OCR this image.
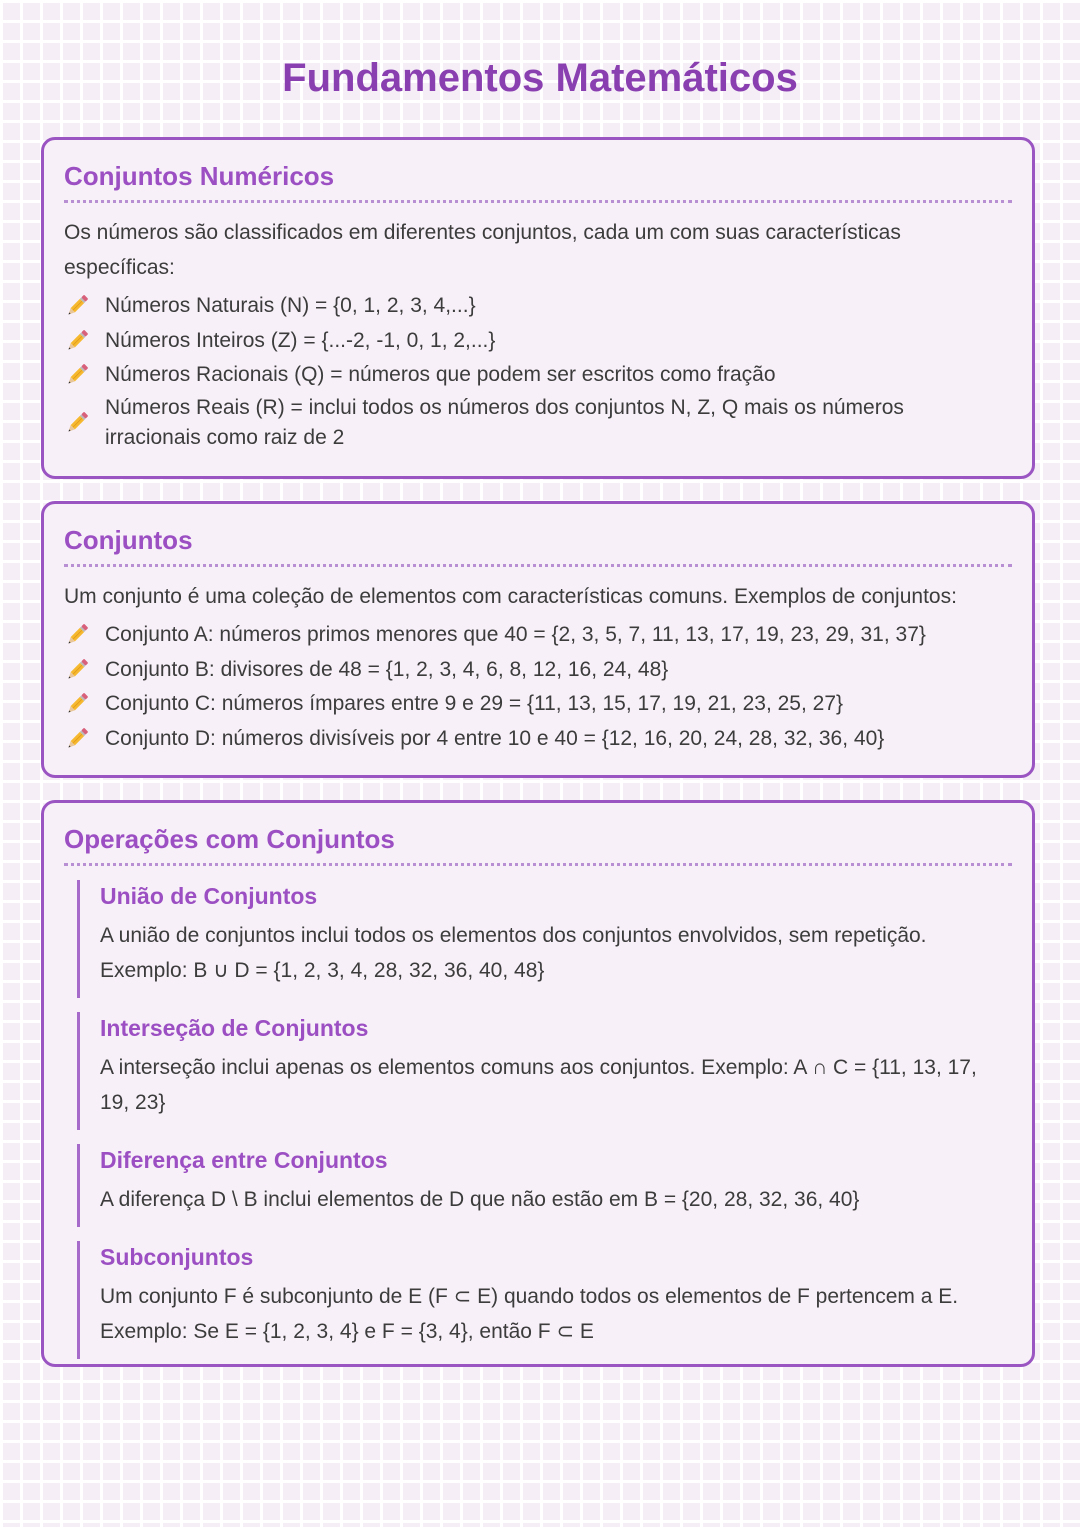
Fundamentos Matemáticos
Conjuntos Numéricos

Os números são classificados em diferentes conjuntos, cada um com suas características específicas:

Números Naturais (N) = {0, 1, 2, 3, 4,...}
Números Inteiros (Z) = {...-2, -1, 0, 1, 2,...}
Números Racionais (Q) = números que podem ser escritos como fração
Números Reais (R) = inclui todos os números dos conjuntos N, Z, Q mais os números irracionais como raiz de 2
Conjuntos

Um conjunto é uma coleção de elementos com características comuns. Exemplos de conjuntos:

Conjunto A: números primos menores que 40 = {2, 3, 5, 7, 11, 13, 17, 19, 23, 29, 31, 37}
Conjunto B: divisores de 48 = {1, 2, 3, 4, 6, 8, 12, 16, 24, 48}
Conjunto C: números ímpares entre 9 e 29 = {11, 13, 15, 17, 19, 21, 23, 25, 27}
Conjunto D: números divisíveis por 4 entre 10 e 40 = {12, 16, 20, 24, 28, 32, 36, 40}
Operações com Conjuntos
União de Conjuntos

A união de conjuntos inclui todos os elementos dos conjuntos envolvidos, sem repetição. Exemplo: B ∪ D = {1, 2, 3, 4, 28, 32, 36, 40, 48}

Interseção de Conjuntos

A interseção inclui apenas os elementos comuns aos conjuntos. Exemplo: A ∩ C = {11, 13, 17, 19, 23}

Diferença entre Conjuntos

A diferença D \ B inclui elementos de D que não estão em B = {20, 28, 32, 36, 40}

Subconjuntos

Um conjunto F é subconjunto de E (F ⊂ E) quando todos os elementos de F pertencem a E. Exemplo: Se E = {1, 2, 3, 4} e F = {3, 4}, então F ⊂ E
